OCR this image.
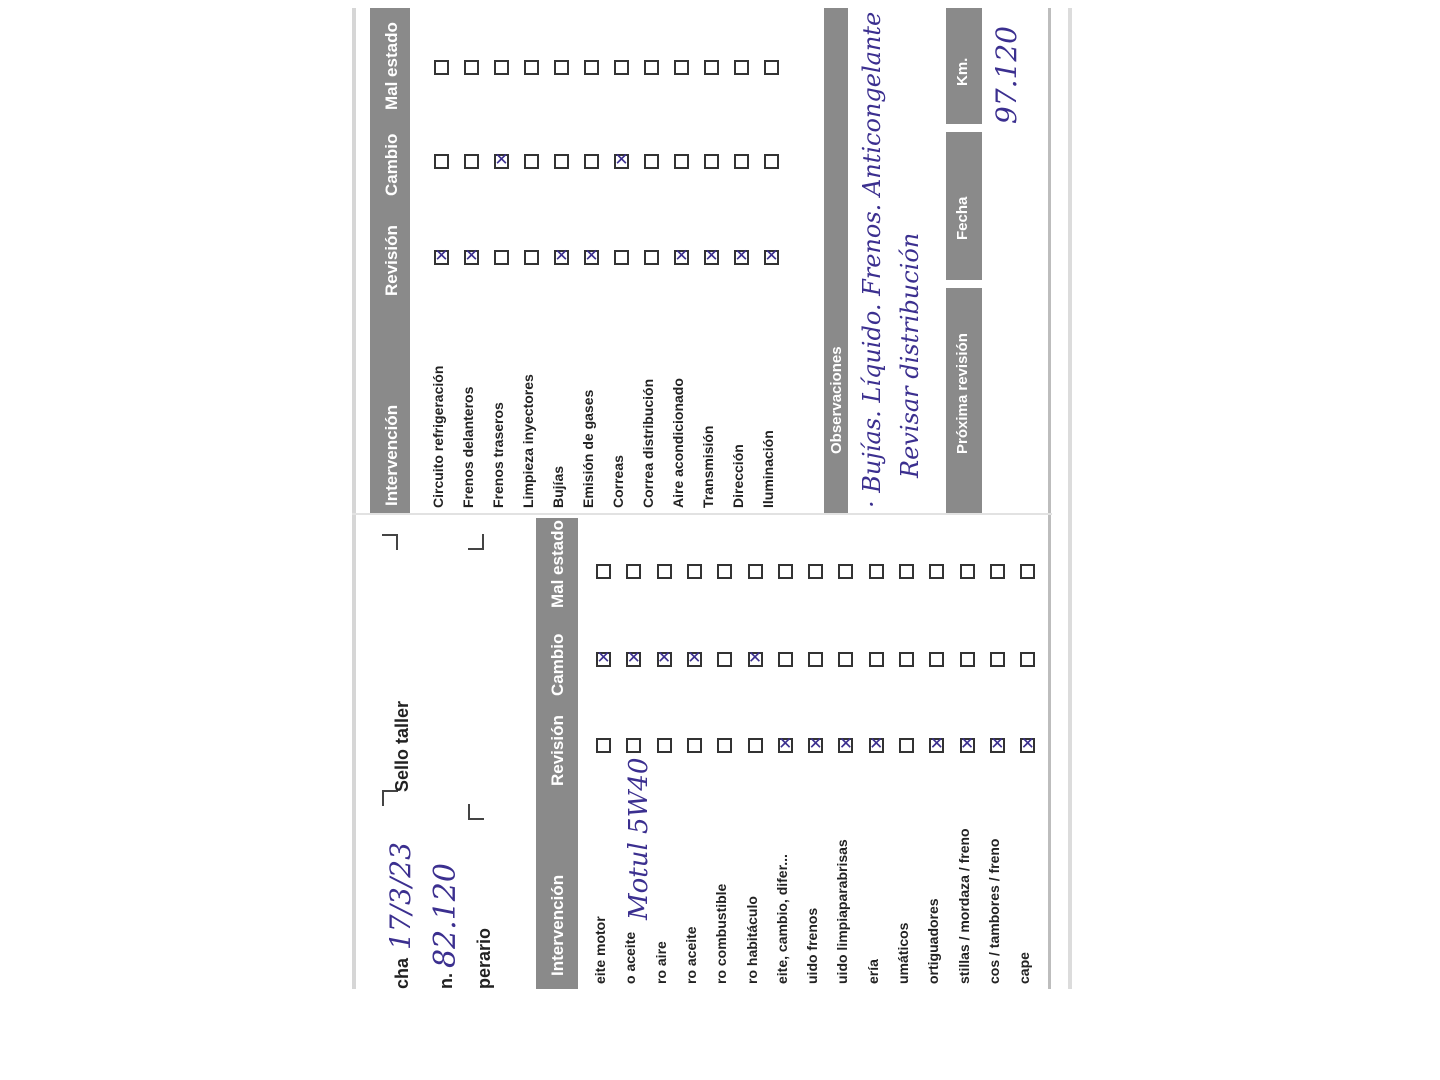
Intervención
Revisión
Cambio
Mal estado
Circuito refrigeración
✕ Frenos delanteros
✕ Frenos traseros
✕ Limpieza inyectores Bujías
✕ Emisión de gases
✕ Correas
✕ Correa distribución Aire acondicionado
✕ Transmisión
✕ Dirección
✕ Iluminación
✕
Observaciones · Bujías. Líquido. Frenos. Anticongelante Revisar distribución Próxima revisión
Fecha
Km. 97.120
cha
17/3/23
n.
82.120 perario
Sello taller
Intervención
Revisión
Cambio
Mal estado
Motul 5W40
eite motor
✕ o aceite
✕ ro aire
✕ ro aceite
✕ ro combustible ro habitáculo
✕ eite, cambio, difer...
✕ uido frenos
✕ uido limpiaparabrisas
✕ ería
✕ umáticos ortiguadores
✕ stillas / mordaza / freno
✕ cos / tambores / freno
✕ cape
✕
